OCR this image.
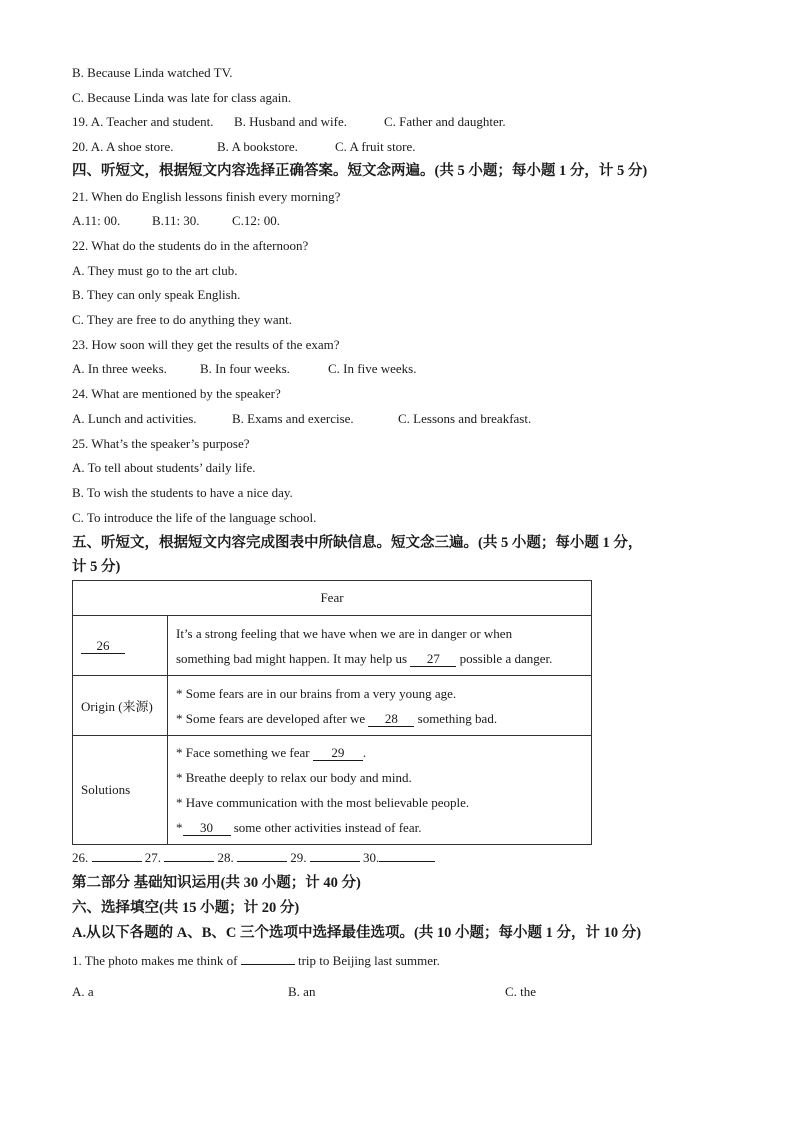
B. Because Linda watched TV.
C. Because Linda was late for class again.
19. A. Teacher and student. B. Husband and wife.	C. Father and daughter.
20. A. A shoe store.	B. A bookstore.	C. A fruit store.
四、听短文，根据短文内容选择正确答案。短文念两遍。(共 5 小题；每小题 1 分，计 5 分)
21. When do English lessons finish every morning?
A.11: 00. B.11: 30. C.12: 00.
22. What do the students do in the afternoon?
A. They must go to the art club.
B. They can only speak English.
C. They are free to do anything they want.
23. How soon will they get the results of the exam?
A. In three weeks.	B. In four weeks.	C. In five weeks.
24. What are mentioned by the speaker?
A. Lunch and activities.	B. Exams and exercise.	C. Lessons and breakfast.
25. What’s the speaker’s purpose?
A. To tell about students’ daily life.
B. To wish the students to have a nice day.
C. To introduce the life of the language school.
五、听短文，根据短文内容完成图表中所缺信息。短文念三遍。(共 5 小题；每小题 1 分，
计 5 分)
Fear	
26	It’s a strong feeling that we have when we are in danger or when
something bad might happen. It may help us 27 possible a danger.

Origin (来源)	* Some fears are in our brains from a very young age.
* Some fears are developed after we 28 something bad.

Solutions	* Face something we fear 29 .
* Breathe deeply to relax our body and mind.
* Have communication with the most believable people.
* 30 some other activities instead of fear.
26.	27.	28.	29.	30.
第二部分 基础知识运用(共 30 小题；计 40 分)
六、选择填空(共 15 小题；计 20 分)
A.从以下各题的 A、B、C 三个选项中选择最佳选项。(共 10 小题；每小题 1 分，计 10 分)
1. The photo makes me think of	trip to Beijing last summer.
A. a	B. an	C. the
